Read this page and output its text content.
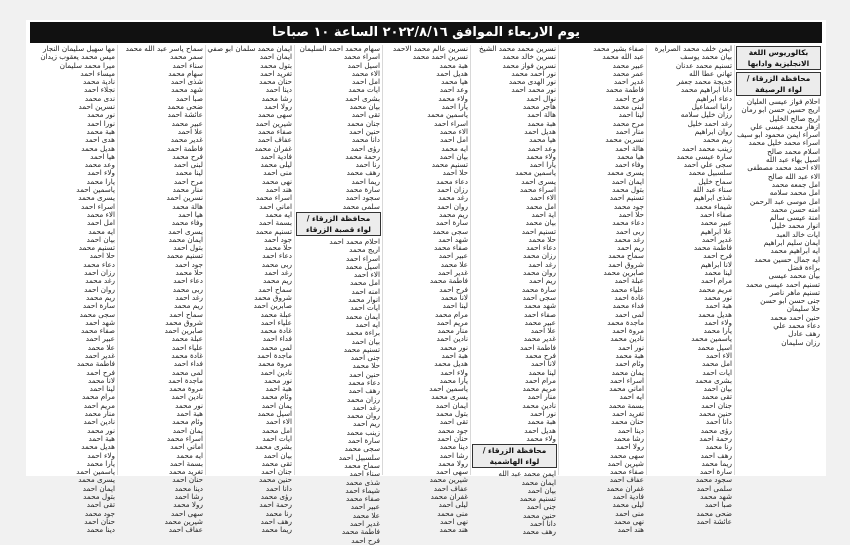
يوم الاربعاء الموافق ٢٠٢٢/٨/١٦ الساعة ١٠ صباحا
بكالوريوس اللغة الانجليزية وادابها
محافظة الزرقاء / لواء الرصيفة
احلام فواز عيسى العليان
اريج حسين حسن ابو رمان
اريج صالح الخليل
ازهار محمد عيسى علي
اسراء ايمن محمود ابو سيف
اسراء محمد خليل محمد
اسلام محمد صالح
اسيل بهاء عبد الله
الاء احمد محمد مصطفى
الاء عبد الله صالح
امل جمعه محمد
امل محمد سلامه
امل موسى عبد الرحمن
امنه حسن محمد
امنة عيسى سالم
انوار محمد خليل
ايات خالد العبد
ايمان سليم ابراهيم
ايه ابراهيم محمد
ايه جمال حسين محمد
براءة فضل
بيان محمد عيسى
تسنيم احمد عيسى محمد
تسنيم ماهر ناصر
جنى حسن ابو حسن
حلا سليمان
حنين احمد محمد
دعاء محمد علي
رهف عادل
رزان سليمان
ايمن خلف محمد الصرايرة
بيان محمد يوسف
تسنيم محمد عدنان
تهاني عطا الله
خديجة محمد جعفر
دانا ابراهيم محمد
دعاء ابراهيم
رانيا اسماعيل
رزان خليل سلامه
رغد احمد خليل
روان ابراهيم
ريم محمد
زينب محمد احمد
سارة عيسى محمد
سجى علي احمد
سلسبيل محمد
سماح خليل
سناء عبد الله
شذى ابراهيم
شيماء محمد
صفاء احمد
عبير محمد
علا ابراهيم
غدير احمد
فاطمة محمد
فرح احمد
لانا ابراهيم
لينا محمد
مرام احمد
مريم محمد
نور محمد
هبة احمد
هديل محمد
ولاء احمد
يارا محمد
ياسمين محمد
اسيل محمد
الاء احمد
امل محمد
ايات احمد
بشرى محمد
بيان احمد
تقى محمد
جنان احمد
حنين محمد
دانا احمد
رؤى محمد
رحمة احمد
رنا محمد
رهف احمد
ريما محمد
سارة احمد
سجود محمد
سلمى احمد
شهد محمد
صبا احمد
ضحى محمد
عائشة احمد
صفاء بشير محمد
عبد الله محمد
عبير محمد
عمر محمد
غدير احمد
فاطمة محمد
فرح احمد
لبنى محمد
لينا احمد
مرح محمد
منار احمد
نسرين محمد
هالة احمد
هيا محمد
وفاء احمد
يسرى محمد
ايمان احمد
بتول محمد
تسنيم احمد
جود محمد
حلا احمد
دعاء محمد
ربى احمد
رغد محمد
ريم احمد
سماح محمد
شروق احمد
صابرين محمد
عبلة احمد
علياء محمد
غادة احمد
فداء محمد
لمى احمد
ماجدة محمد
مروة احمد
نادين محمد
نور احمد
هبة محمد
وئام احمد
يمان محمد
اسراء احمد
اماني محمد
ايه احمد
بسمة محمد
تغريد احمد
حنان محمد
دينا احمد
رشا محمد
رولا احمد
سهى محمد
شيرين احمد
صفاء محمد
عفاف احمد
غفران محمد
فادية احمد
ليلى محمد
منى احمد
نهى محمد
هند احمد
نسرين محمد محمد الشيخ
نسرين خالد محمد
نسرين فواز محمد
نور احمد محمد
نور الهدى محمد
نور محمد احمد
نوال احمد
هاجر محمد
هالة احمد
هبة محمد
هديل احمد
هيا محمد
وعد احمد
ولاء محمد
يارا احمد
ياسمين محمد
يسرى احمد
اسراء محمد
الاء احمد
امل محمد
اية احمد
بيان محمد
تسنيم احمد
حلا محمد
دعاء احمد
رزان محمد
رغد احمد
روان محمد
ريم احمد
سارة محمد
سجى احمد
شهد محمد
صفاء احمد
عبير محمد
علا احمد
غدير محمد
فاطمة احمد
فرح محمد
لانا احمد
لينا محمد
مرام احمد
مريم محمد
منار احمد
نادين محمد
نور احمد
هبة محمد
هديل احمد
ولاء محمد
محافظة الزرقاء / لواء الهاشمية
ايمن محمد عبد الله
ايمان محمد
بيان احمد
تسنيم محمد
جنى احمد
حنين محمد
دانا احمد
رهف محمد
نسرين عالم محمد الاحمد
نسرين احمد محمد
هبة محمد
هديل احمد
هيا محمد
وعد احمد
ولاء محمد
يارا احمد
ياسمين محمد
اسراء احمد
الاء محمد
امل احمد
ايه محمد
بيان احمد
تسنيم محمد
حلا احمد
دعاء محمد
رزان احمد
رغد محمد
روان احمد
ريم محمد
سارة احمد
سجى محمد
شهد احمد
صفاء محمد
عبير احمد
علا محمد
غدير احمد
فاطمة محمد
فرح احمد
لانا محمد
لينا احمد
مرام محمد
مريم احمد
منار محمد
نادين احمد
نور محمد
هبة احمد
هديل محمد
ولاء احمد
يارا محمد
ياسمين احمد
يسرى محمد
ايمان احمد
بتول محمد
تقى احمد
جود محمد
حنان احمد
دينا محمد
رشا احمد
رولا محمد
سهى احمد
شيرين محمد
عفاف احمد
غفران محمد
ليلى احمد
منى محمد
نهى احمد
هند محمد
سهام محمد احمد السليمان
اسراء محمد
اسيل احمد
الاء محمد
امل احمد
ايات محمد
بشرى احمد
بيان محمد
تقى احمد
جنان محمد
حنين احمد
دانا محمد
رؤى احمد
رحمة محمد
رنا احمد
رهف محمد
ريما احمد
سارة محمد
سجود احمد
سلمى محمد
محافظة الزرقاء / لواء قصبة الزرقاء
احلام محمد احمد
اريج محمد
اسراء احمد
اسيل محمد
الاء احمد
امل محمد
امنه احمد
انوار محمد
ايات احمد
ايمان محمد
ايه احمد
براءة محمد
بيان احمد
تسنيم محمد
جنى احمد
حلا محمد
حنين احمد
دعاء محمد
رهف احمد
رزان محمد
رغد احمد
روان محمد
ريم احمد
زينب محمد
سارة احمد
سجى محمد
سلسبيل احمد
سماح محمد
سناء احمد
شذى محمد
شيماء احمد
صفاء محمد
عبير احمد
علا محمد
غدير احمد
فاطمة محمد
فرح احمد
ايمان محمد سلمان ابو صفي
ايمان احمد
بتول محمد
تغريد احمد
حنان محمد
دينا احمد
رشا محمد
رولا احمد
سهى محمد
شيرين احمد
صفاء محمد
عفاف احمد
غفران محمد
فادية احمد
ليلى محمد
منى احمد
نهى محمد
هند احمد
اسراء محمد
اماني احمد
ايه محمد
بسمة احمد
تسنيم محمد
جود احمد
حلا محمد
دعاء احمد
ربى محمد
رغد احمد
ريم محمد
سماح احمد
شروق محمد
صابرين احمد
عبلة محمد
علياء احمد
غادة محمد
فداء احمد
لمى محمد
ماجدة احمد
مروة محمد
نادين احمد
نور محمد
هبة احمد
وئام محمد
يمان احمد
اسيل محمد
الاء احمد
امل محمد
ايات احمد
بشرى محمد
بيان احمد
تقى محمد
جنان احمد
حنين محمد
دانا احمد
رؤى محمد
رحمة احمد
رنا محمد
رهف احمد
ريما محمد
سماح ياسر عبد الله محمد
سمر محمد
سناء احمد
سهام محمد
شذى احمد
شهد محمد
صبا احمد
ضحى محمد
عائشة احمد
عبير محمد
علا احمد
غدير محمد
فاطمة احمد
فرح محمد
لبنى احمد
لينا محمد
مرح احمد
منار محمد
نسرين احمد
هالة محمد
هيا احمد
وفاء محمد
يسرى احمد
ايمان محمد
بتول احمد
تسنيم محمد
جود احمد
حلا محمد
دعاء احمد
ربى محمد
رغد احمد
ريم محمد
سماح احمد
شروق محمد
صابرين احمد
عبلة محمد
علياء احمد
غادة محمد
فداء احمد
لمى محمد
ماجدة احمد
مروة محمد
نادين احمد
نور محمد
هبة احمد
وئام محمد
يمان احمد
اسراء محمد
اماني احمد
ايه محمد
بسمة احمد
تغريد محمد
حنان احمد
دينا محمد
رشا احمد
رولا محمد
سهى احمد
شيرين محمد
عفاف احمد
مها سهيل سليمان النجار
ميس محمد يعقوب زيدان
ميرا محمد سليمان
ميساء احمد
نادية محمد
نجلاء احمد
ندى محمد
نسرين احمد
نور محمد
نورا احمد
هبة محمد
هدى احمد
هديل محمد
هيا احمد
وعد محمد
ولاء احمد
يارا محمد
ياسمين احمد
يسرى محمد
اسراء احمد
الاء محمد
امل احمد
ايه محمد
بيان احمد
تسنيم محمد
حلا احمد
دعاء محمد
رزان احمد
رغد محمد
روان احمد
ريم محمد
سارة احمد
سجى محمد
شهد احمد
صفاء محمد
عبير احمد
علا محمد
غدير احمد
فاطمة محمد
فرح احمد
لانا محمد
لينا احمد
مرام محمد
مريم احمد
منار محمد
نادين احمد
نور محمد
هبة احمد
هديل محمد
ولاء احمد
يارا محمد
ياسمين احمد
يسرى محمد
ايمان احمد
بتول محمد
تقى احمد
جود محمد
حنان احمد
دينا محمد
